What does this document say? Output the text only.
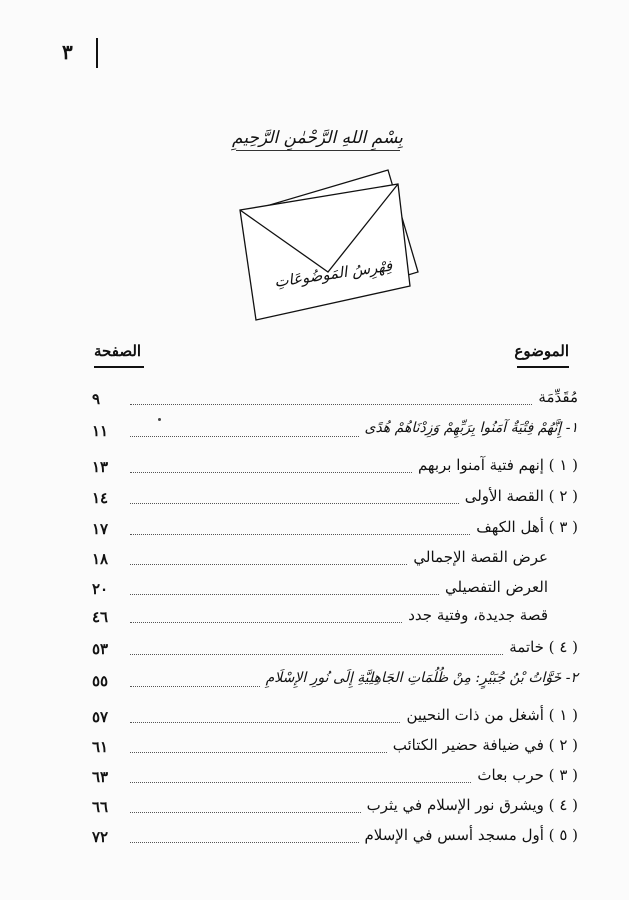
٣
بِسْمِ اللهِ الرَّحْمٰنِ الرَّحِيمِ
فِهْرِسُ المَوضُوعَاتِ
الموضوع
الصفحة
٩	مُقَدِّمَة
١١	١- إِنَّهُمْ فِتْيَةٌ آمَنُوا بِرَبِّهِمْ وَزِدْنَاهُمْ هُدًى
١٣	( ١ ) إنهم فتية آمنوا بربهم
١٤	( ٢ ) القصة الأولى
١٧	( ٣ ) أهل الكهف
١٨	عرض القصة الإجمالي
٢٠	العرض التفصيلي
٤٦	قصة جديدة، وفتية جدد
٥٣	( ٤ ) خاتمة
٥٥	٢- خَوَّاتُ بْنُ جُبَيْرٍ: مِنْ ظُلُمَاتِ الجَاهِلِيَّةِ إِلَى نُورِ الإِسْلَامِ
٥٧	( ١ ) أشغل من ذات النحيين
٦١	( ٢ ) في ضيافة حضير الكتائب
٦٣	( ٣ ) حرب بعاث
٦٦	( ٤ ) ويشرق نور الإسلام في يثرب
٧٢	( ٥ ) أول مسجد أسس في الإسلام
